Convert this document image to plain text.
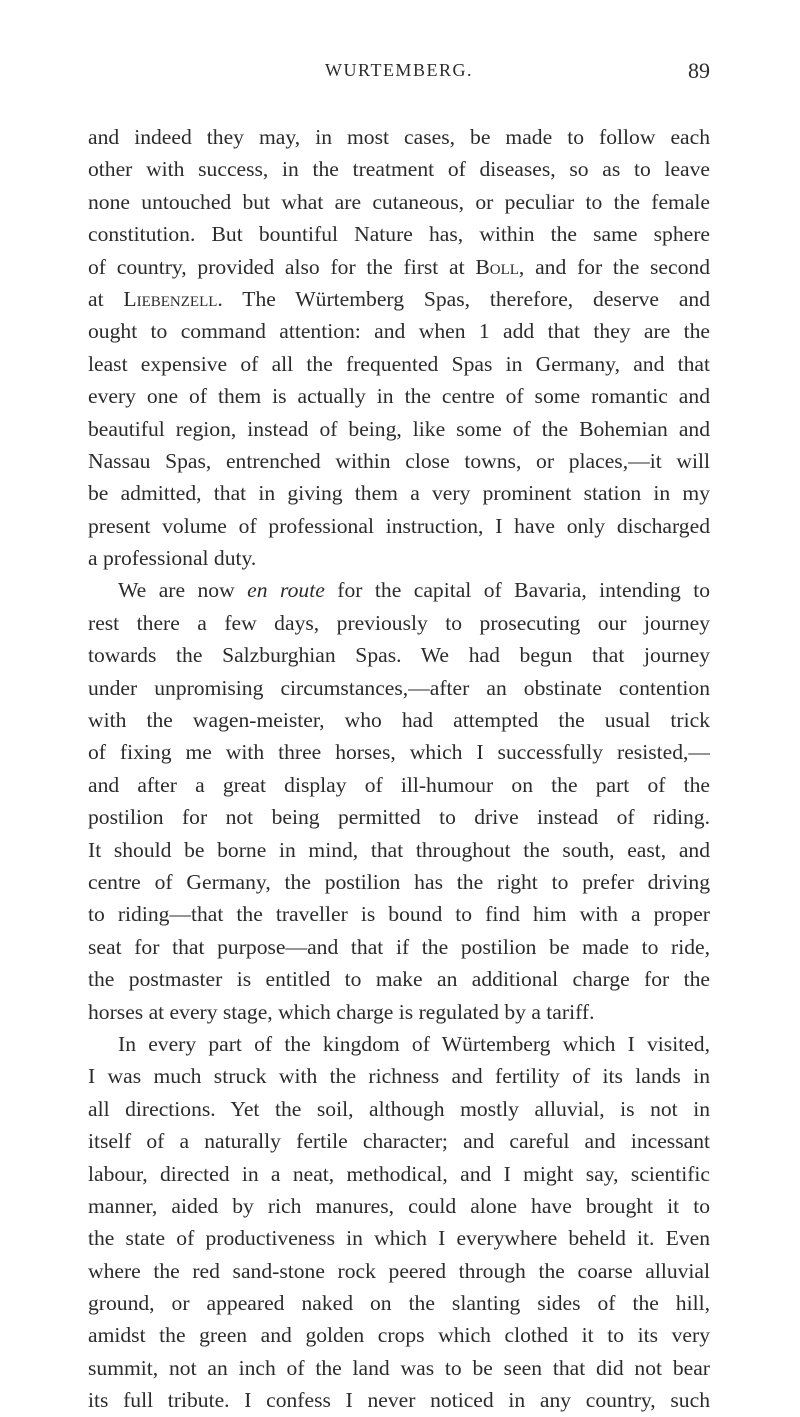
WURTEMBERG.	89

and indeed they may, in most cases, be made to follow each

other with success, in the treatment of diseases, so as to leave

none untouched but what are cutaneous, or peculiar to the female

constitution. But bountiful Nature has, within the same sphere

of country, provided also for the first at Boll, and for the second

at Liebenzell. The Würtemberg Spas, therefore, deserve and

ought to command attention: and when 1 add that they are the

least expensive of all the frequented Spas in Germany, and that

every one of them is actually in the centre of some romantic and

beautiful region, instead of being, like some of the Bohemian and

Nassau Spas, entrenched within close towns, or places,—it will

be admitted, that in giving them a very prominent station in my

present volume of professional instruction, I have only discharged

a professional duty.

We are now en route for the capital of Bavaria, intending to

rest there a few days, previously to prosecuting our journey

towards the Salzburghian Spas. We had begun that journey

under unpromising circumstances,—after an obstinate contention

with the wagen-meister, who had attempted the usual trick

of fixing me with three horses, which I successfully resisted,—

and after a great display of ill-humour on the part of the

postilion for not being permitted to drive instead of riding.

It should be borne in mind, that throughout the south, east, and

centre of Germany, the postilion has the right to prefer driving

to riding—that the traveller is bound to find him with a proper

seat for that purpose—and that if the postilion be made to ride,

the postmaster is entitled to make an additional charge for the

horses at every stage, which charge is regulated by a tariff.

In every part of the kingdom of Würtemberg which I visited,

I was much struck with the richness and fertility of its lands in

all directions. Yet the soil, although mostly alluvial, is not in

itself of a naturally fertile character; and careful and incessant

labour, directed in a neat, methodical, and I might say, scientific

manner, aided by rich manures, could alone have brought it to

the state of productiveness in which I everywhere beheld it. Even

where the red sand-stone rock peered through the coarse alluvial

ground, or appeared naked on the slanting sides of the hill,

amidst the green and golden crops which clothed it to its very

summit, not an inch of the land was to be seen that did not bear

its full tribute. I confess I never noticed in any country, such
